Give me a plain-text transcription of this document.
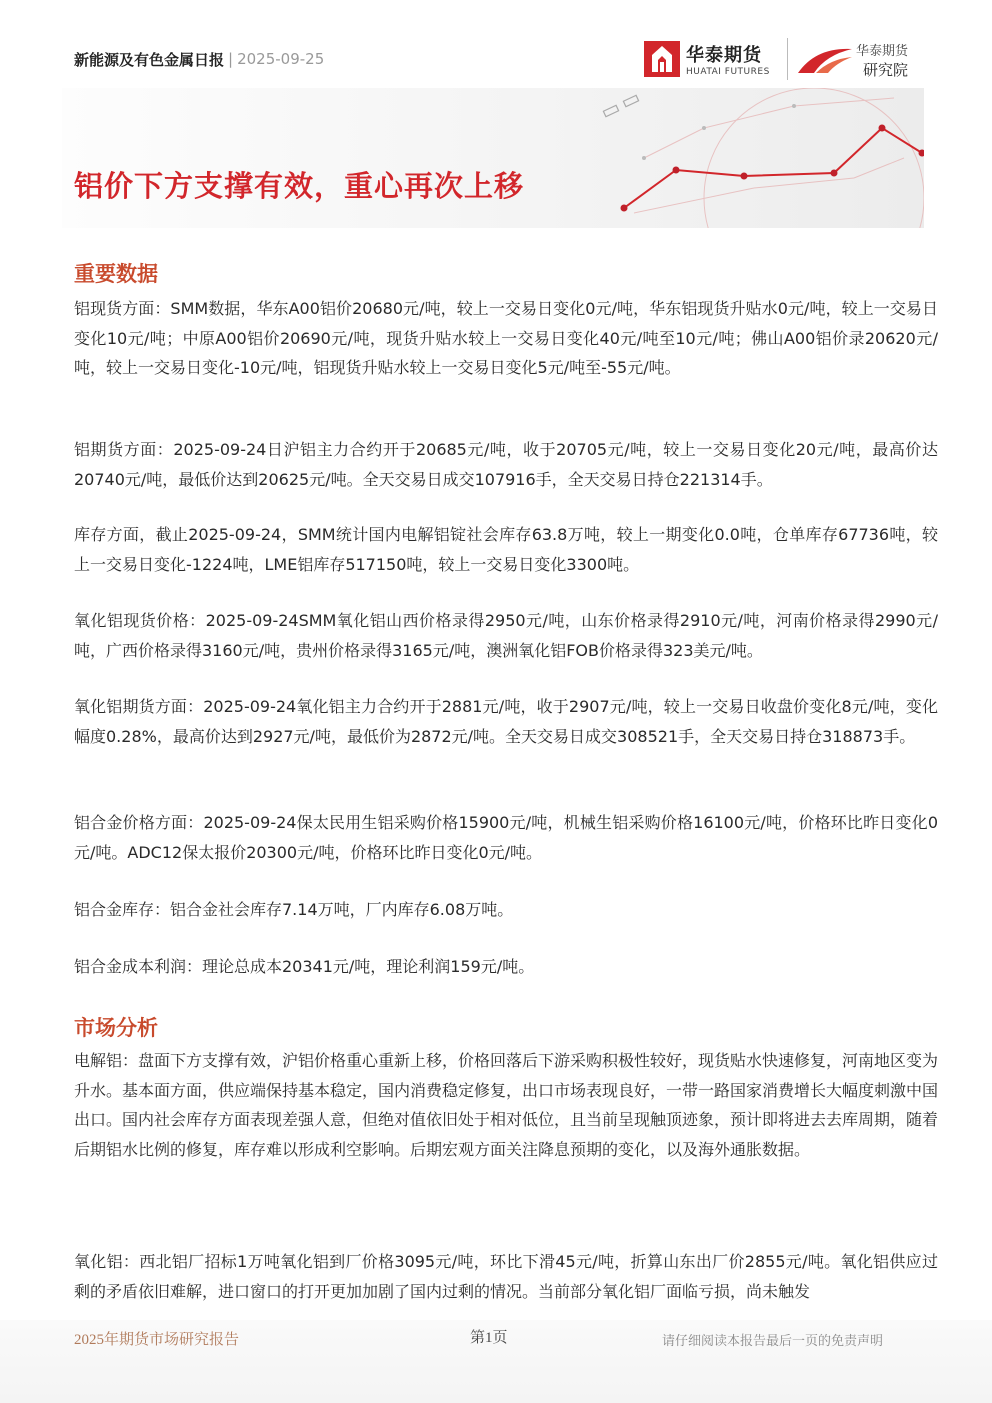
新能源及有色金属日报 | 2025-09-25	华泰期货
HUATAI FUTURES
华泰期货
研究院
铝价下方支撑有效，重心再次上移
重要数据

铝现货方面：SMM数据，华东A00铝价20680元/吨，较上一交易日变化0元/吨，华东铝现货升贴水0元/吨，较上一交易日变化10元/吨；中原A00铝价20690元/吨，现货升贴水较上一交易日变化40元/吨至10元/吨；佛山A00铝价录20620元/吨，较上一交易日变化-10元/吨，铝现货升贴水较上一交易日变化5元/吨至-55元/吨。

铝期货方面：2025-09-24日沪铝主力合约开于20685元/吨，收于20705元/吨，较上一交易日变化20元/吨，最高价达20740元/吨，最低价达到20625元/吨。全天交易日成交107916手，全天交易日持仓221314手。

库存方面，截止2025-09-24，SMM统计国内电解铝锭社会库存63.8万吨，较上一期变化0.0吨，仓单库存67736吨，较上一交易日变化-1224吨，LME铝库存517150吨，较上一交易日变化3300吨。

氧化铝现货价格：2025-09-24SMM氧化铝山西价格录得2950元/吨，山东价格录得2910元/吨，河南价格录得2990元/吨，广西价格录得3160元/吨，贵州价格录得3165元/吨，澳洲氧化铝FOB价格录得323美元/吨。

氧化铝期货方面：2025-09-24氧化铝主力合约开于2881元/吨，收于2907元/吨，较上一交易日收盘价变化8元/吨，变化幅度0.28%，最高价达到2927元/吨，最低价为2872元/吨。全天交易日成交308521手，全天交易日持仓318873手。

铝合金价格方面：2025-09-24保太民用生铝采购价格15900元/吨，机械生铝采购价格16100元/吨，价格环比昨日变化0元/吨。ADC12保太报价20300元/吨，价格环比昨日变化0元/吨。

铝合金库存：铝合金社会库存7.14万吨，厂内库存6.08万吨。

铝合金成本利润：理论总成本20341元/吨，理论利润159元/吨。

市场分析

电解铝：盘面下方支撑有效，沪铝价格重心重新上移，价格回落后下游采购积极性较好，现货贴水快速修复，河南地区变为升水。基本面方面，供应端保持基本稳定，国内消费稳定修复，出口市场表现良好，一带一路国家消费增长大幅度刺激中国出口。国内社会库存方面表现差强人意，但绝对值依旧处于相对低位，且当前呈现触顶迹象，预计即将进去去库周期，随着后期铝水比例的修复，库存难以形成利空影响。后期宏观方面关注降息预期的变化，以及海外通胀数据。

氧化铝：西北铝厂招标1万吨氧化铝到厂价格3095元/吨，环比下滑45元/吨，折算山东出厂价2855元/吨。氧化铝供应过剩的矛盾依旧难解，进口窗口的打开更加加剧了国内过剩的情况。当前部分氧化铝厂面临亏损，尚未触发

2025年期货市场研究报告	第1页	请仔细阅读本报告最后一页的免责声明
